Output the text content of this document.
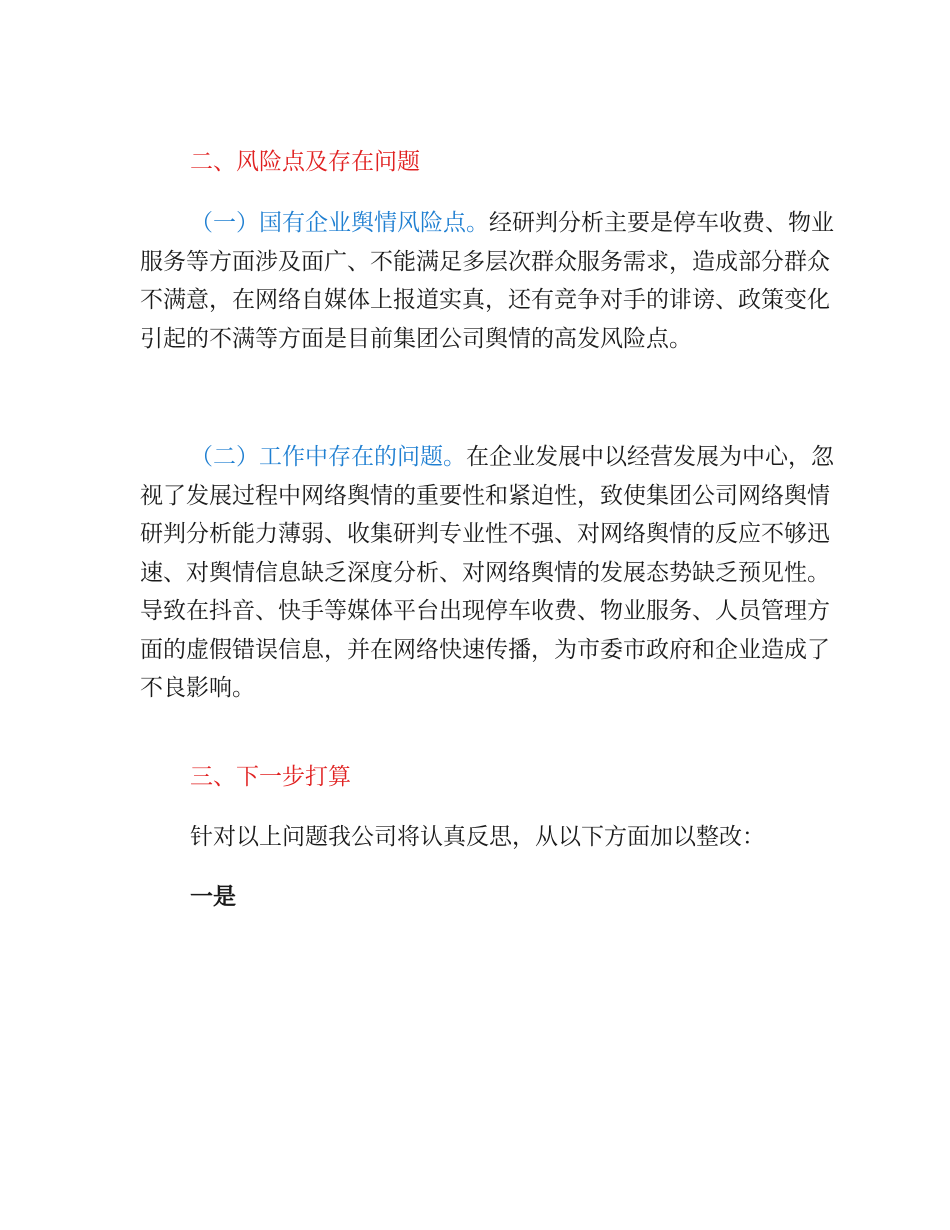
二、风险点及存在问题

（一）国有企业舆情风险点。经研判分析主要是停车收费、物业服务等方面涉及面广、不能满足多层次群众服务需求，造成部分群众不满意，在网络自媒体上报道实真，还有竞争对手的诽谤、政策变化引起的不满等方面是目前集团公司舆情的高发风险点。

（二）工作中存在的问题。在企业发展中以经营发展为中心，忽视了发展过程中网络舆情的重要性和紧迫性，致使集团公司网络舆情研判分析能力薄弱、收集研判专业性不强、对网络舆情的反应不够迅速、对舆情信息缺乏深度分析、对网络舆情的发展态势缺乏预见性。导致在抖音、快手等媒体平台出现停车收费、物业服务、人员管理方面的虚假错误信息，并在网络快速传播，为市委市政府和企业造成了不良影响。

三、下一步打算

针对以上问题我公司将认真反思，从以下方面加以整改：

一是
